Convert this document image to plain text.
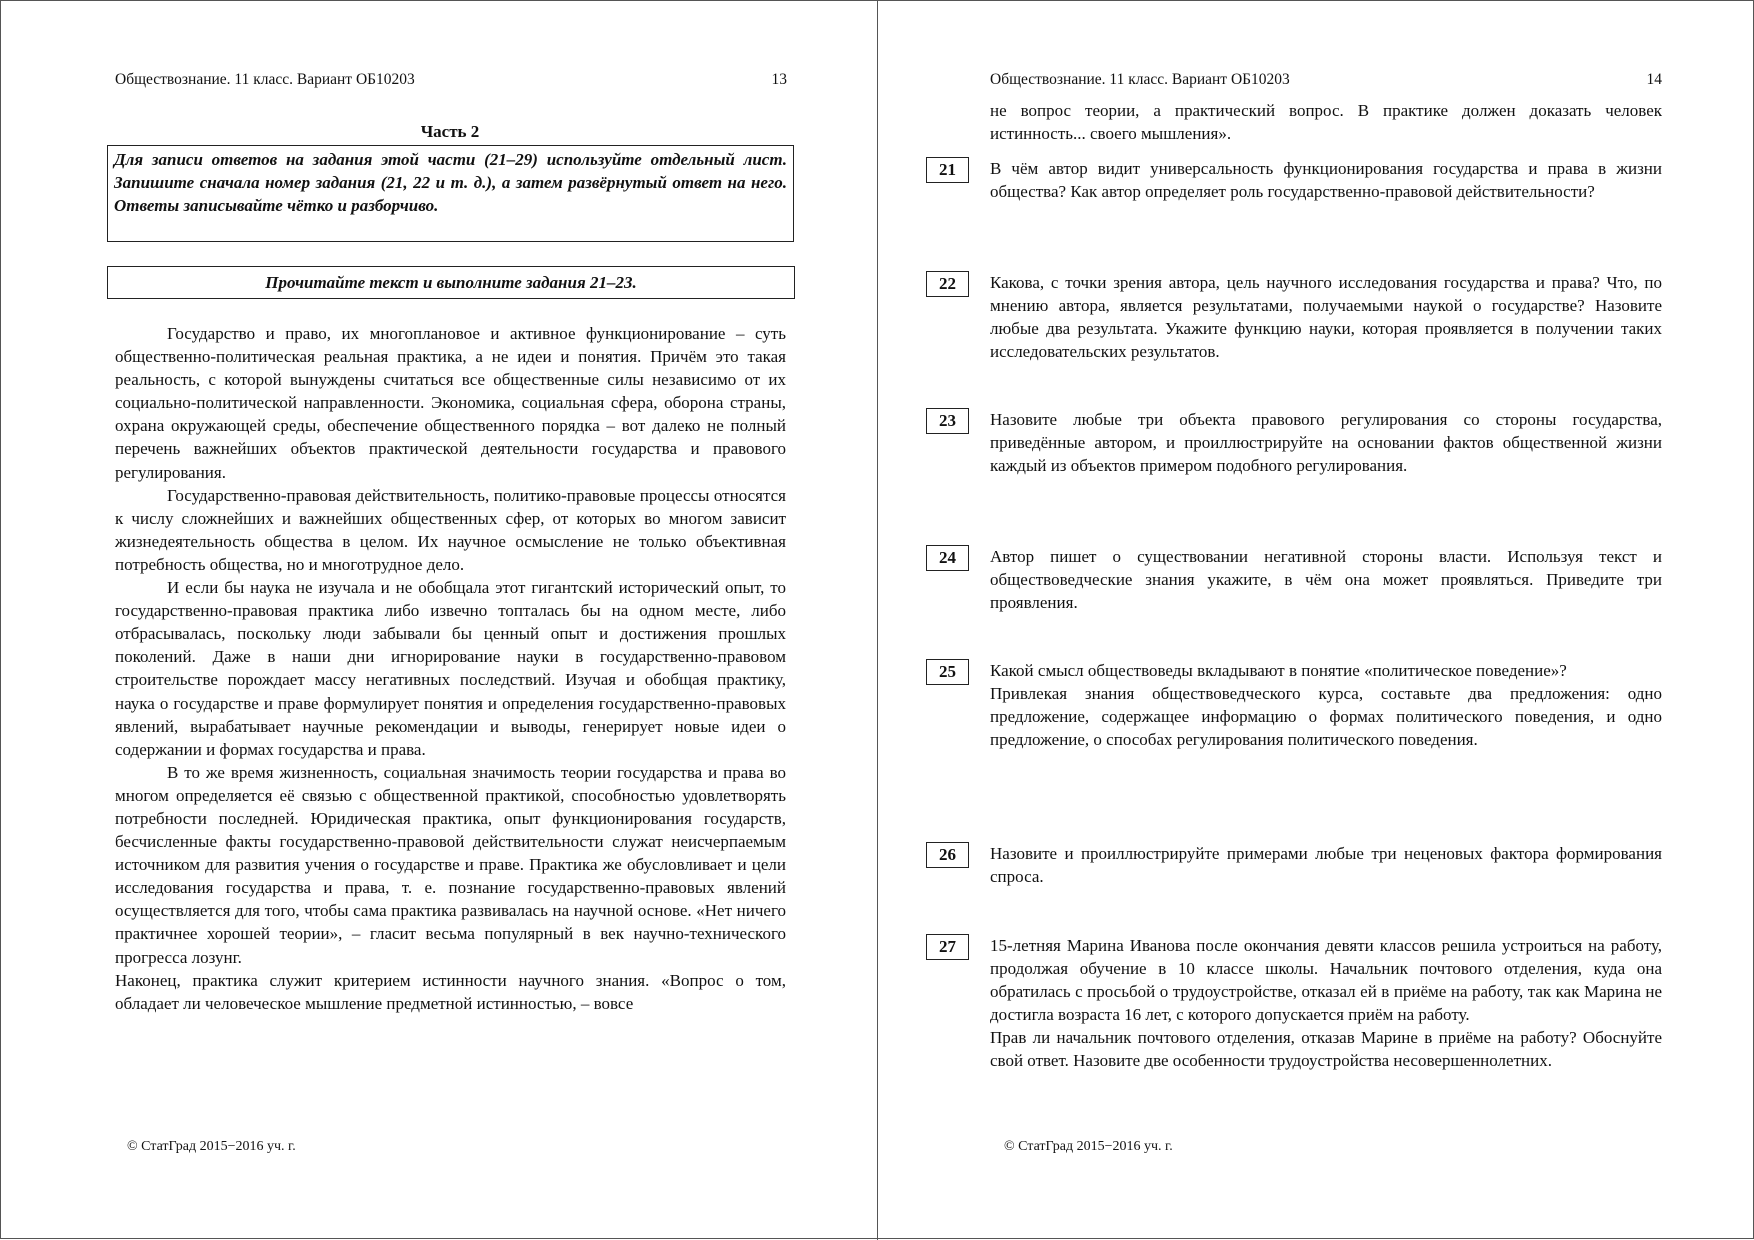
Обществознание. 11 класс. Вариант ОБ10203	13
Часть 2
Для записи ответов на задания этой части (21–29) используйте отдельный лист. Запишите сначала номер задания (21, 22 и т. д.), а затем развёрнутый ответ на него. Ответы записывайте чётко и разборчиво.
Прочитайте текст и выполните задания 21–23.

Государство и право, их многоплановое и активное функционирование – суть общественно-политическая реальная практика, а не идеи и понятия. Причём это такая реальность, с которой вынуждены считаться все общественные силы независимо от их социально-политической направленности. Экономика, социальная сфера, оборона страны, охрана окружающей среды, обеспечение общественного порядка – вот далеко не полный перечень важнейших объектов практической деятельности государства и правового регулирования.

Государственно-правовая действительность, политико-правовые процессы относятся к числу сложнейших и важнейших общественных сфер, от которых во многом зависит жизнедеятельность общества в целом. Их научное осмысление не только объективная потребность общества, но и многотрудное дело.

И если бы наука не изучала и не обобщала этот гигантский исторический опыт, то государственно-правовая практика либо извечно топталась бы на одном месте, либо отбрасывалась, поскольку люди забывали бы ценный опыт и достижения прошлых поколений. Даже в наши дни игнорирование науки в государственно-правовом строительстве порождает массу негативных последствий. Изучая и обобщая практику, наука о государстве и праве формулирует понятия и определения государственно-правовых явлений, вырабатывает научные рекомендации и выводы, генерирует новые идеи о содержании и формах государства и права.

В то же время жизненность, социальная значимость теории государства и права во многом определяется её связью с общественной практикой, способностью удовлетворять потребности последней. Юридическая практика, опыт функционирования государств, бесчисленные факты государственно-правовой действительности служат неисчерпаемым источником для развития учения о государстве и праве. Практика же обусловливает и цели исследования государства и права, т. е. познание государственно-правовых явлений осуществляется для того, чтобы сама практика развивалась на научной основе. «Нет ничего практичнее хорошей теории», – гласит весьма популярный в век научно-технического прогресса лозунг.

Наконец, практика служит критерием истинности научного знания. «Вопрос о том, обладает ли человеческое мышление предметной истинностью, – вовсе

© СтатГрад 2015−2016 уч. г.
Обществознание. 11 класс. Вариант ОБ10203	14
не вопрос теории, а практический вопрос. В практике должен доказать человек истинность... своего мышления».
21	В чём автор видит универсальность функционирования государства и права в жизни общества? Как автор определяет роль государственно-правовой действительности?

22	Какова, с точки зрения автора, цель научного исследования государства и права? Что, по мнению автора, является результатами, получаемыми наукой о государстве? Назовите любые два результата. Укажите функцию науки, которая проявляется в получении таких исследовательских результатов.

23	Назовите любые три объекта правового регулирования со стороны государства, приведённые автором, и проиллюстрируйте на основании фактов общественной жизни каждый из объектов примером подобного регулирования.

24	Автор пишет о существовании негативной стороны власти. Используя текст и обществоведческие знания укажите, в чём она может проявляться. Приведите три проявления.

25	Какой смысл обществоведы вкладывают в понятие «политическое поведение»?

Привлекая знания обществоведческого курса, составьте два предложения: одно предложение, содержащее информацию о формах политического поведения, и одно предложение, о способах регулирования политического поведения.

26	Назовите и проиллюстрируйте примерами любые три неценовых фактора формирования спроса.

27	15-летняя Марина Иванова после окончания девяти классов решила устроиться на работу, продолжая обучение в 10 классе школы. Начальник почтового отделения, куда она обратилась с просьбой о трудоустройстве, отказал ей в приёме на работу, так как Марина не достигла возраста 16 лет, с которого допускается приём на работу.

Прав ли начальник почтового отделения, отказав Марине в приёме на работу? Обоснуйте свой ответ. Назовите две особенности трудоустройства несовершеннолетних.

© СтатГрад 2015−2016 уч. г.
